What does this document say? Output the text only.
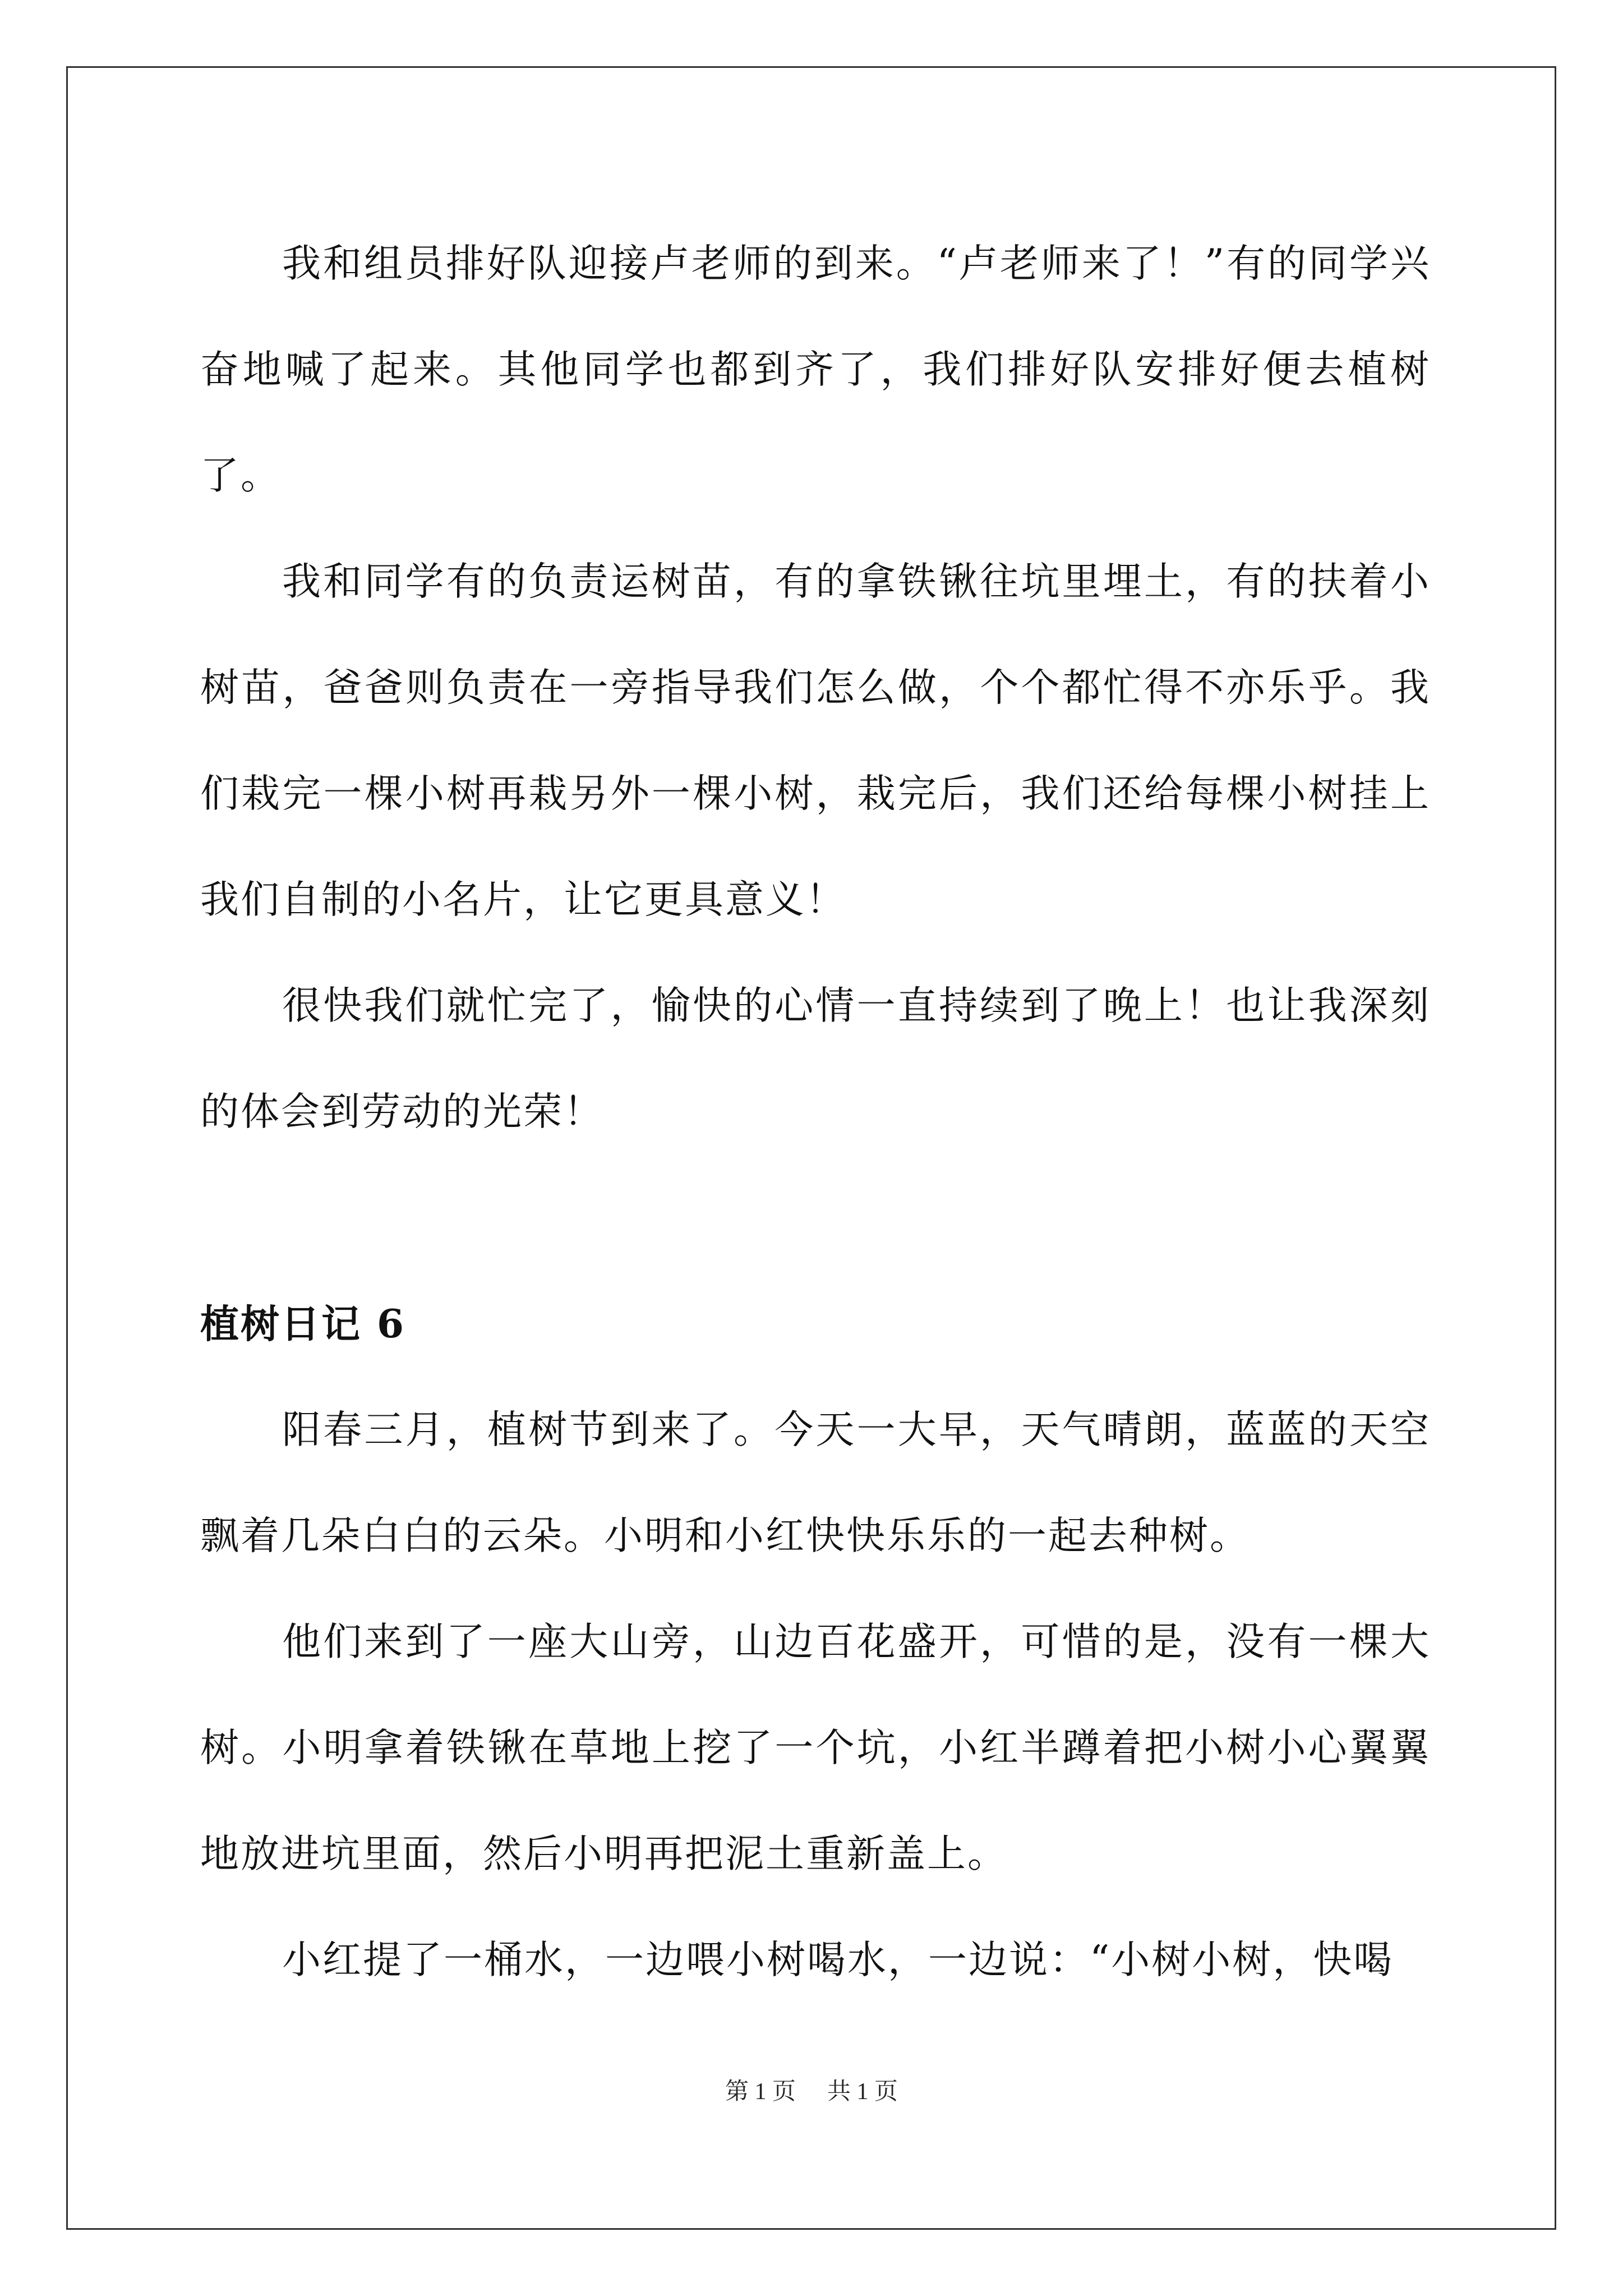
我和组员排好队迎接卢老师的到来。“卢老师来了！”有的同学兴奋地喊了起来。其他同学也都到齐了，我们排好队安排好便去植树了。

我和同学有的负责运树苗，有的拿铁锹往坑里埋土，有的扶着小树苗，爸爸则负责在一旁指导我们怎么做，个个都忙得不亦乐乎。我们栽完一棵小树再栽另外一棵小树，栽完后，我们还给每棵小树挂上我们自制的小名片，让它更具意义！

很快我们就忙完了，愉快的心情一直持续到了晚上！也让我深刻的体会到劳动的光荣！

植树日记 6

阳春三月，植树节到来了。今天一大早，天气晴朗，蓝蓝的天空飘着几朵白白的云朵。小明和小红快快乐乐的一起去种树。

他们来到了一座大山旁，山边百花盛开，可惜的是，没有一棵大树。小明拿着铁锹在草地上挖了一个坑，小红半蹲着把小树小心翼翼地放进坑里面，然后小明再把泥土重新盖上。

小红提了一桶水，一边喂小树喝水，一边说：“小树小树，快喝

第 1 页 共 1 页
